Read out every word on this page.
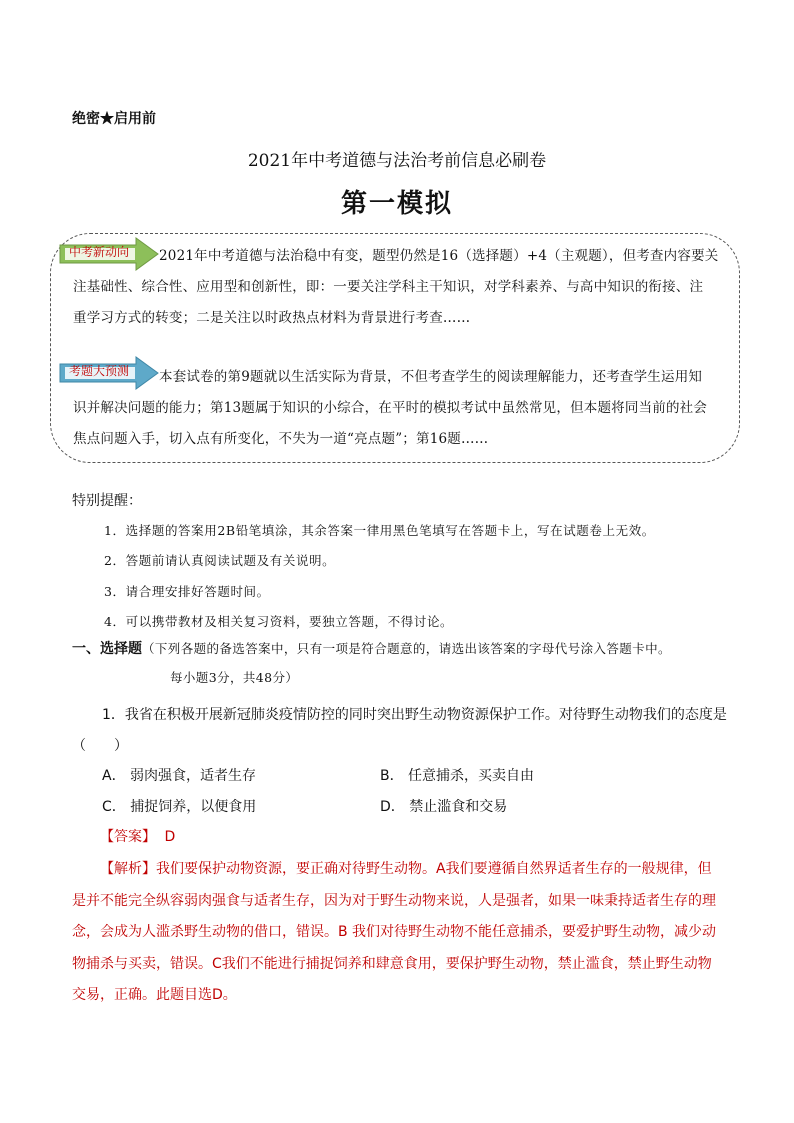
绝密★启用前
2021年中考道德与法治考前信息必刷卷
第一模拟
中考新动向 2021年中考道德与法治稳中有变，题型仍然是16（选择题）+4（主观题），但考查内容要关
注基础性、综合性、应用型和创新性，即：一要关注学科主干知识，对学科素养、与高中知识的衔接、注
重学习方式的转变；二是关注以时政热点材料为背景进行考查……
考题大预测 本套试卷的第9题就以生活实际为背景，不但考查学生的阅读理解能力，还考查学生运用知
识并解决问题的能力；第13题属于知识的小综合，在平时的模拟考试中虽然常见，但本题将同当前的社会
焦点问题入手，切入点有所变化，不失为一道“亮点题”；第16题……
特别提醒：
1．选择题的答案用2B铅笔填涂，其余答案一律用黑色笔填写在答题卡上，写在试题卷上无效。
2．答题前请认真阅读试题及有关说明。
3．请合理安排好答题时间。
4．可以携带教材及相关复习资料，要独立答题，不得讨论。
一、选择题（下列各题的备选答案中，只有一项是符合题意的，请选出该答案的字母代号涂入答题卡中。
每小题3分，共48分）
1．我省在积极开展新冠肺炎疫情防控的同时突出野生动物资源保护工作。对待野生动物我们的态度是
（　　）
A． 弱肉强食，适者生存	B． 任意捕杀，买卖自由
C． 捕捉饲养，以便食用	D． 禁止滥食和交易
【答案】 D
【解析】我们要保护动物资源，要正确对待野生动物。A我们要遵循自然界适者生存的一般规律，但
是并不能完全纵容弱肉强食与适者生存，因为对于野生动物来说，人是强者，如果一味秉持适者生存的理
念，会成为人滥杀野生动物的借口，错误。B 我们对待野生动物不能任意捕杀，要爱护野生动物，减少动
物捕杀与买卖，错误。C我们不能进行捕捉饲养和肆意食用，要保护野生动物，禁止滥食，禁止野生动物
交易，正确。此题目选D。
